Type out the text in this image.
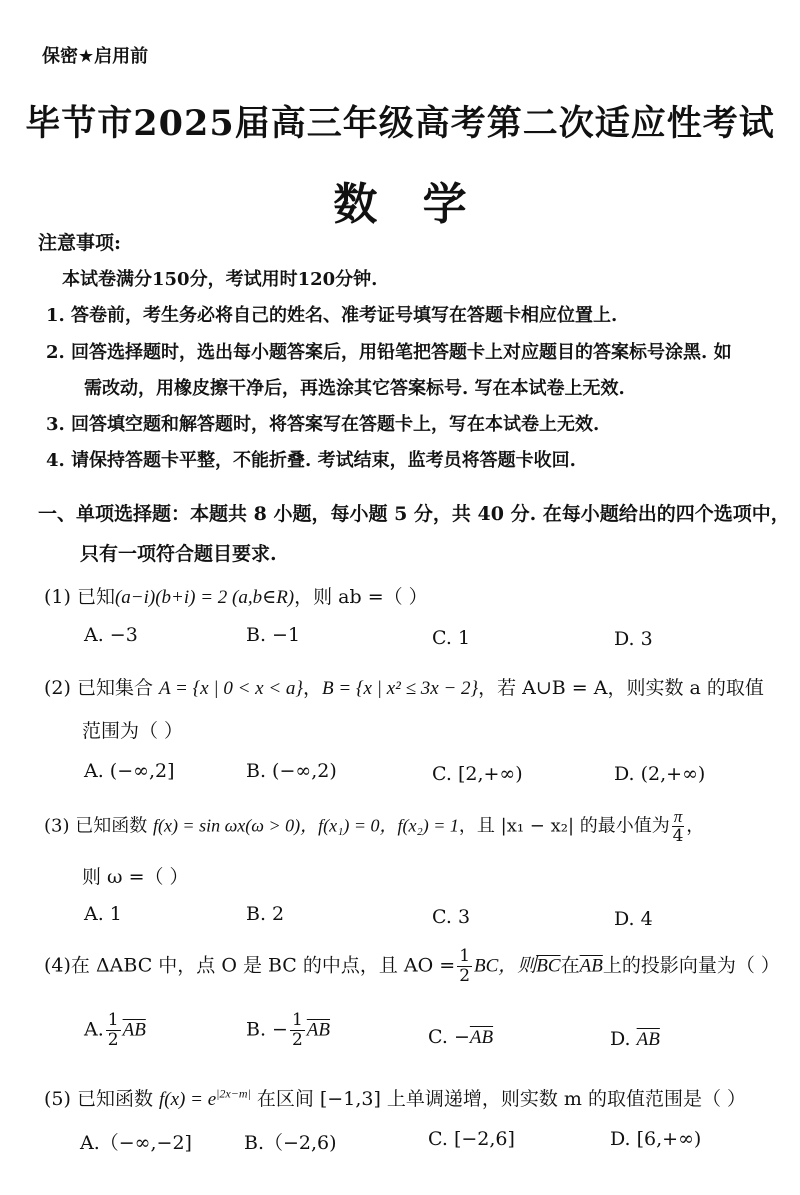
保密★启用前
毕节市2025届高三年级高考第二次适应性考试
数 学
注意事项:
本试卷满分150分，考试用时120分钟.
1. 答卷前，考生务必将自己的姓名、准考证号填写在答题卡相应位置上.
2. 回答选择题时，选出每小题答案后，用铅笔把答题卡上对应题目的答案标号涂黑. 如
需改动，用橡皮擦干净后，再选涂其它答案标号. 写在本试卷上无效.
3. 回答填空题和解答题时，将答案写在答题卡上，写在本试卷上无效.
4. 请保持答题卡平整，不能折叠. 考试结束，监考员将答题卡收回.
一、单项选择题：本题共 8 小题，每小题 5 分，共 40 分. 在每小题给出的四个选项中，
只有一项符合题目要求.
(1) 已知(a−i)(b+i) = 2 (a,b∈R)，则 ab =（ ）
A. −3	B. −1	C. 1	D. 3
(2) 已知集合 A = {x | 0 < x < a}，B = {x | x² ≤ 3x − 2}，若 A∪B = A，则实数 a 的取值
范围为（ ）
A. (−∞,2]	B. (−∞,2)	C. [2,+∞)	D. (2,+∞)
(3) 已知函数 f(x) = sin ωx(ω > 0)，f(x₁) = 0，f(x₂) = 1，且 |x₁ − x₂| 的最小值为 $\frac{\pi}{4}$ ，
则 ω =（ ）
A. 1	B. 2	C. 3	D. 4
(4)在 ΔABC 中，点 O 是 BC 的中点，且 AO = $\frac{1}{2}$ BC，则$\overline{BC}$在$\overline{AB}$上的投影向量为（ ）
A. $\frac{1}{2} \overline{AB}$	B. − $\frac{1}{2} \overline{AB}$	C. $-\overline{AB}$	D. $\overline{AB}$
(5) 已知函数 $f(x) = e^{|2x-m|}$ 在区间 [−1,3] 上单调递增，则实数 m 的取值范围是（ ）
A.（−∞,−2]	B.（−2,6)	C. [−2,6]	D. [6,+∞)
